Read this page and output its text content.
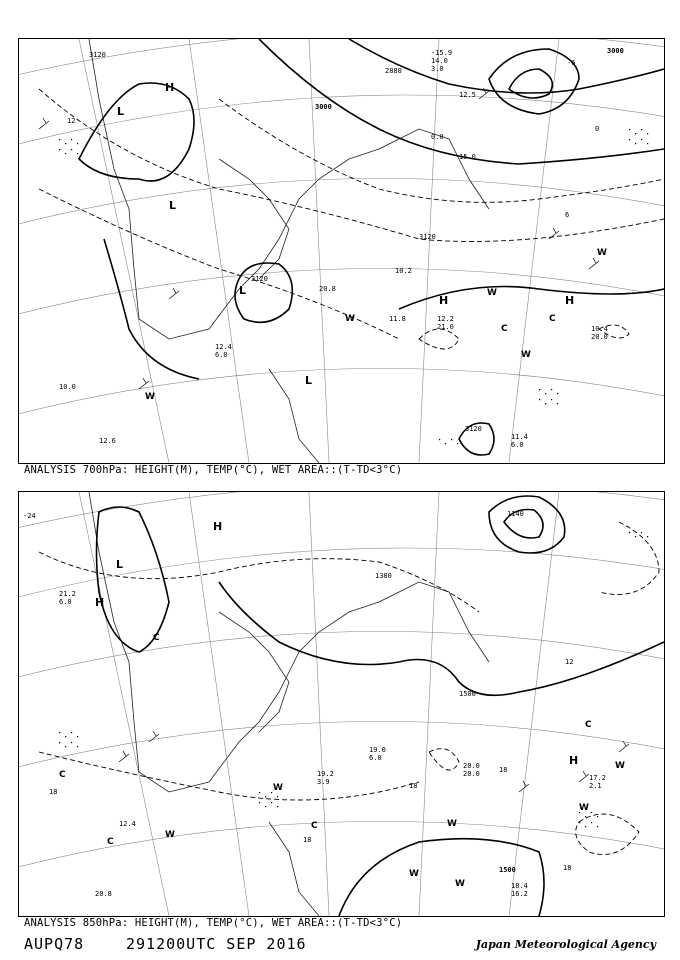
3120
3000
3000
2880
3120
3120
3120
H
L
L
L
L
H	H
W
W
W
W
W
C
C
12
0
-6
6
-15.9
14.0
12.5
21.0
10.2
20.8
11.8	12.2
10.4
20.0
11.4
15.0
12.4
6.0
10.0
12.6
3.0
0.0
6.0
ANALYSIS 700hPa: HEIGHT(M), TEMP(°C), WET AREA::(T-TD<3°C)
1140
1380
1500
1500
L
H
H
H
W
W
W
W
W
W
W
C
C
C
C
C
-24
18
18
18
12
18
18
19.0
6.0
20.0
20.0	17.2
2.1
18.4
16.2
20.8
12.4
19.2
3.9
21.2
6.0
ANALYSIS 850hPa: HEIGHT(M), TEMP(°C), WET AREA::(T-TD<3°C)
AUPQ78	291200UTC SEP 2016	Japan Meteorological Agency
